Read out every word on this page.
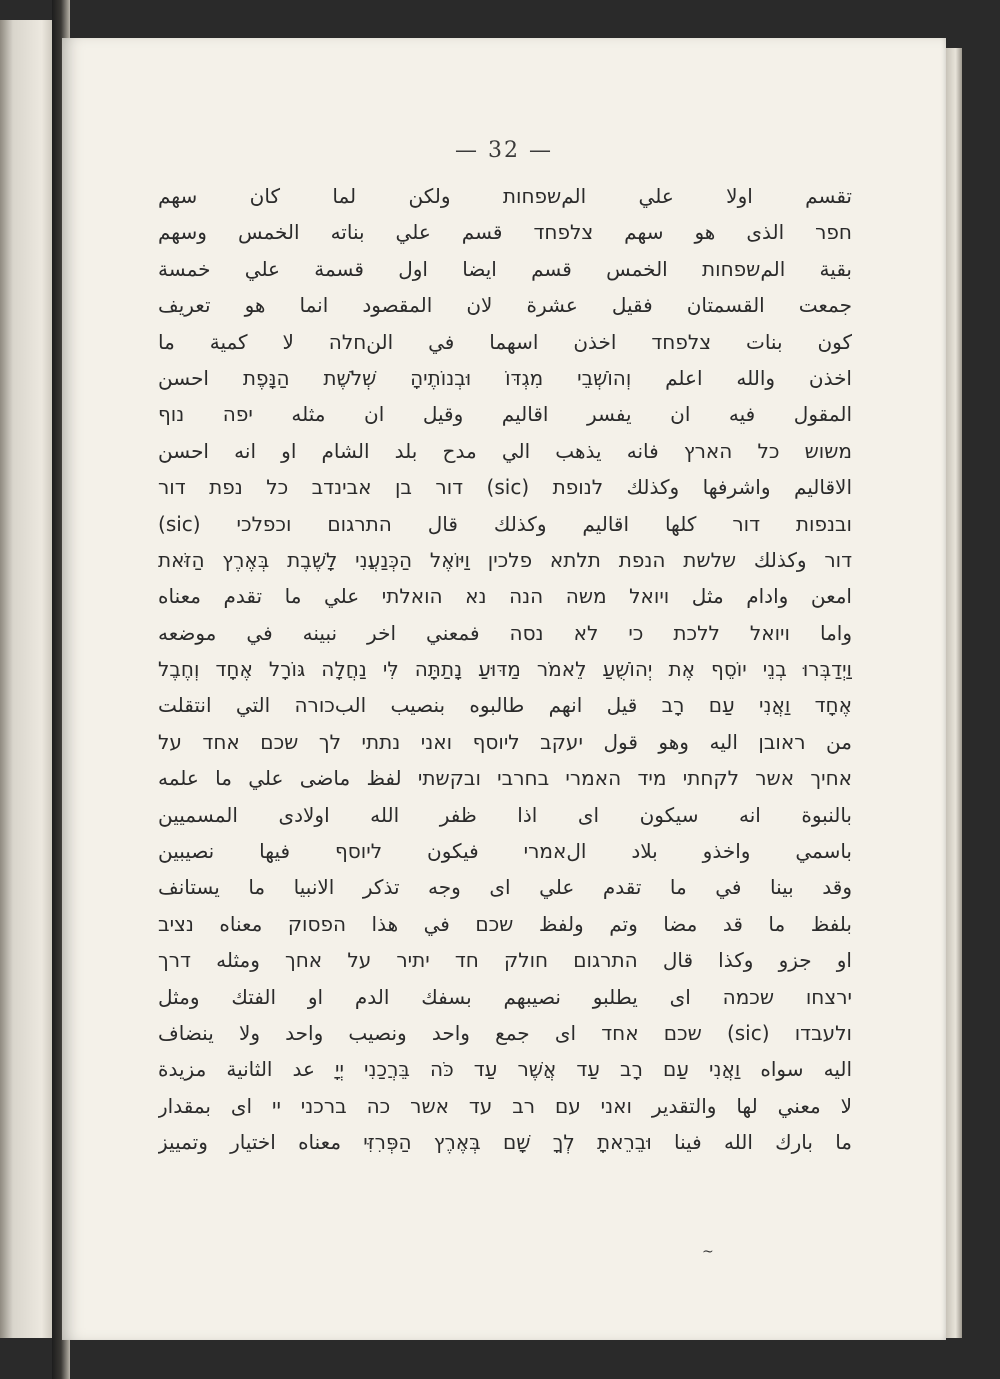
— 32 —
تقسم اولا علي المשפחות ولكن لما كان سهم
חפר الذى هو سهم צלפחד قسم علي بناته الخمس وسهم
بقية المשפחות الخمس قسم ايضا اول قسمة علي خمسة
جمعت القسمتان فقيل عشرة لان المقصود انما هو تعريف
كون بنات צלפחד اخذن اسهما في النחלה لا كمية ما
اخذن والله اعلم וְהוֹשְׁבֵי מִגְדּוֹ וּבְנוֹתֶיהָ שְׁלֹשֶׁת הַנָּפֶת احسن
المقول فيه ان يفسر اقاليم وقيل ان مثله יפה נוף
משוש כל הארץ فانه يذهب الي مدح بلد الشام او انه احسن
الاقاليم واشرفها وكذلك לנופת (sic) דור בן אבינדב כל נפת דור
ובנפות דור كلها اقاليم وكذلك قال התרגום וכפלכי (sic)
דור وكذلك שלשת הנפת תלתא פלכין וַיּוֹאֶל הַכְּנַעֲנִי לָשֶׁבֶת בְּאֶרֶץ הַזֹּאת
امعن وادام مثل ויואל משה הנה נא הואלתי علي ما تقدم معناه
واما ויואל ללכת כי לא נסה فمعني اخر نبينه في موضعه
וַיְדַבְּרוּ בְנֵי יוֹסֵף אֶת יְהוֹשֻׁעַ לֵאמֹר מַדּוּעַ נָתַתָּה לִּי נַחֲלָה גּוֹרָל אֶחָד וְחֶבֶל
אֶחָד וַאֲנִי עַם רָב قيل انهم طالبوه بنصيب البכורה التي انتقلت
من ראובן اليه وهو قول יעקב ליוסף ואני נתתי לך שכם אחד על
אחיך אשר לקחתי מיד האמרי בחרבי ובקשתי لفظ ماضى علي ما علمه
بالنبوة انه سيكون اى اذا ظفر الله اولادى المسميين
باسمي واخذو بلاد الאמרי فيكون ליוסף فيها نصيبين
وقد بينا في ما تقدم علي اى وجه تذكر الانبيا ما يستانف
بلفظ ما قد مضا وتم ولفظ שכם في هذا הפסוק معناه נציב
او جزو وكذا قال התרגום חולק חד יתיר על אחך ومثله דרך
ירצחו שכמה اى يطلبو نصيبهم بسفك الدم او الفتك ومثل
ולעבדו (sic) שכם אחד اى جمع واحد ونصيب واحد ولا ينضاف
اليه سواه וַאֲנִי עַם רָב עַד אֲשֶׁר עַד כֹּה בֵּרֲכַנִי יְיָ عد الثانية مزيدة
لا معني لها والتقدير ואני עם רב עד אשר כה ברכני יי اى بمقدار
ما بارك الله فينا וּבֵרֵאתָ לְךָ שָׁם בְּאֶרֶץ הַפְּרִזִּי معناه اختيار وتمييز
~
